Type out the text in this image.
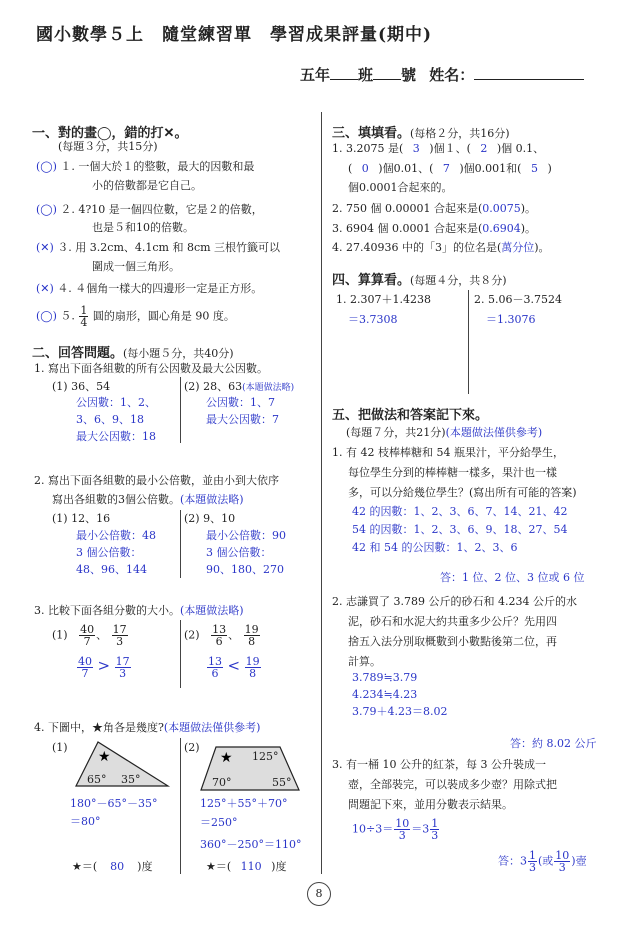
國小數學５上　隨堂練習單　學習成果評量(期中)
五年 班 號 姓名：
一、對的畫◯，錯的打✕。
(每題３分，共15分)
(◯) １. 一個大於１的整數，最大的因數和最
小的倍數都是它自己。
(◯) ２. 4?10 是一個四位數，它是２的倍數，
也是５和10的倍數。
(✕) ３. 用 3.2cm、4.1cm 和 8cm 三根竹籤可以
圍成一個三角形。
(✕) ４. ４個角一樣大的四邊形一定是正方形。
(◯) ５. $\frac{1}{4}$ 圓的扇形，圓心角是 90 度。
二、回答問題。(每小題５分，共40分)
1. 寫出下面各組數的所有公因數及最大公因數。
(1) 36、54
公因數：1、2、
3、6、9、18
最大公因數：18
(2) 28、63(本題做法略)
公因數：1、7
最大公因數：7
2. 寫出下面各組數的最小公倍數，並由小到大依序
寫出各組數的3個公倍數。(本題做法略)
(1) 12、16
最小公倍數：48
3 個公倍數：
48、96、144
(2) 9、10
最小公倍數：90
3 個公倍數：
90、180、270
3. 比較下面各組分數的大小。(本題做法略)
$(1) \frac{40}{7}$ 、 $\frac{17}{3}$
$\frac{40}{7} > \frac{17}{3}$
$(2) \frac{13}{6}$ 、 $\frac{19}{8}$
$\frac{13}{6} < \frac{19}{8}$
4. 下圖中，★角各是幾度?(本題做法僅供參考)
(1)
★
65° 35°
180°－65°－35°
＝80°
★＝( 80 )度
(2)
★ 125°
70°	55°
125°＋55°＋70°
＝250°
360°－250°＝110°
★＝( 110 )度
三、填填看。(每格２分，共16分)
1. 3.2075 是( 3 )個１、( 2 )個 0.1、
( 0 )個0.01、( 7 )個0.001和( 5 )
個0.0001合起來的。
2. 750 個 0.00001 合起來是(0.0075)。
3. 6904 個 0.0001 合起來是(0.6904)。
4. 27.40936 中的「3」的位名是(萬分位)。
四、算算看。(每題４分，共８分)
1. 2.307＋1.4238
＝3.7308
2. 5.06－3.7524
＝1.3076
五、把做法和答案記下來。
(每題７分，共21分)(本題做法僅供參考)
1. 有 42 枝棒棒糖和 54 瓶果汁，平分給學生，
每位學生分到的棒棒糖一樣多，果汁也一樣
多，可以分給幾位學生？(寫出所有可能的答案)
42 的因數：1、2、3、6、7、14、21、42
54 的因數：1、2、3、6、9、18、27、54
42 和 54 的公因數：1、2、3、6
答：1 位、2 位、3 位或 6 位
2. 志謙買了 3.789 公斤的砂石和 4.234 公斤的水
泥，砂石和水泥大約共重多少公斤？先用四
捨五入法分別取概數到小數點後第二位，再
計算。
3.789≒3.79
4.234≒4.23
3.79＋4.23＝8.02
答：約 8.02 公斤
3. 有一桶 10 公升的紅茶，每 3 公升裝成一
壺，全部裝完，可以裝成多少壺？用除式把
問題記下來，並用分數表示結果。
$10\div 3= \frac{10}{3} =3 \frac{1}{3}$
答：$3 \frac{1}{3}$ (或 $\frac{10}{3}$ )壺
8
